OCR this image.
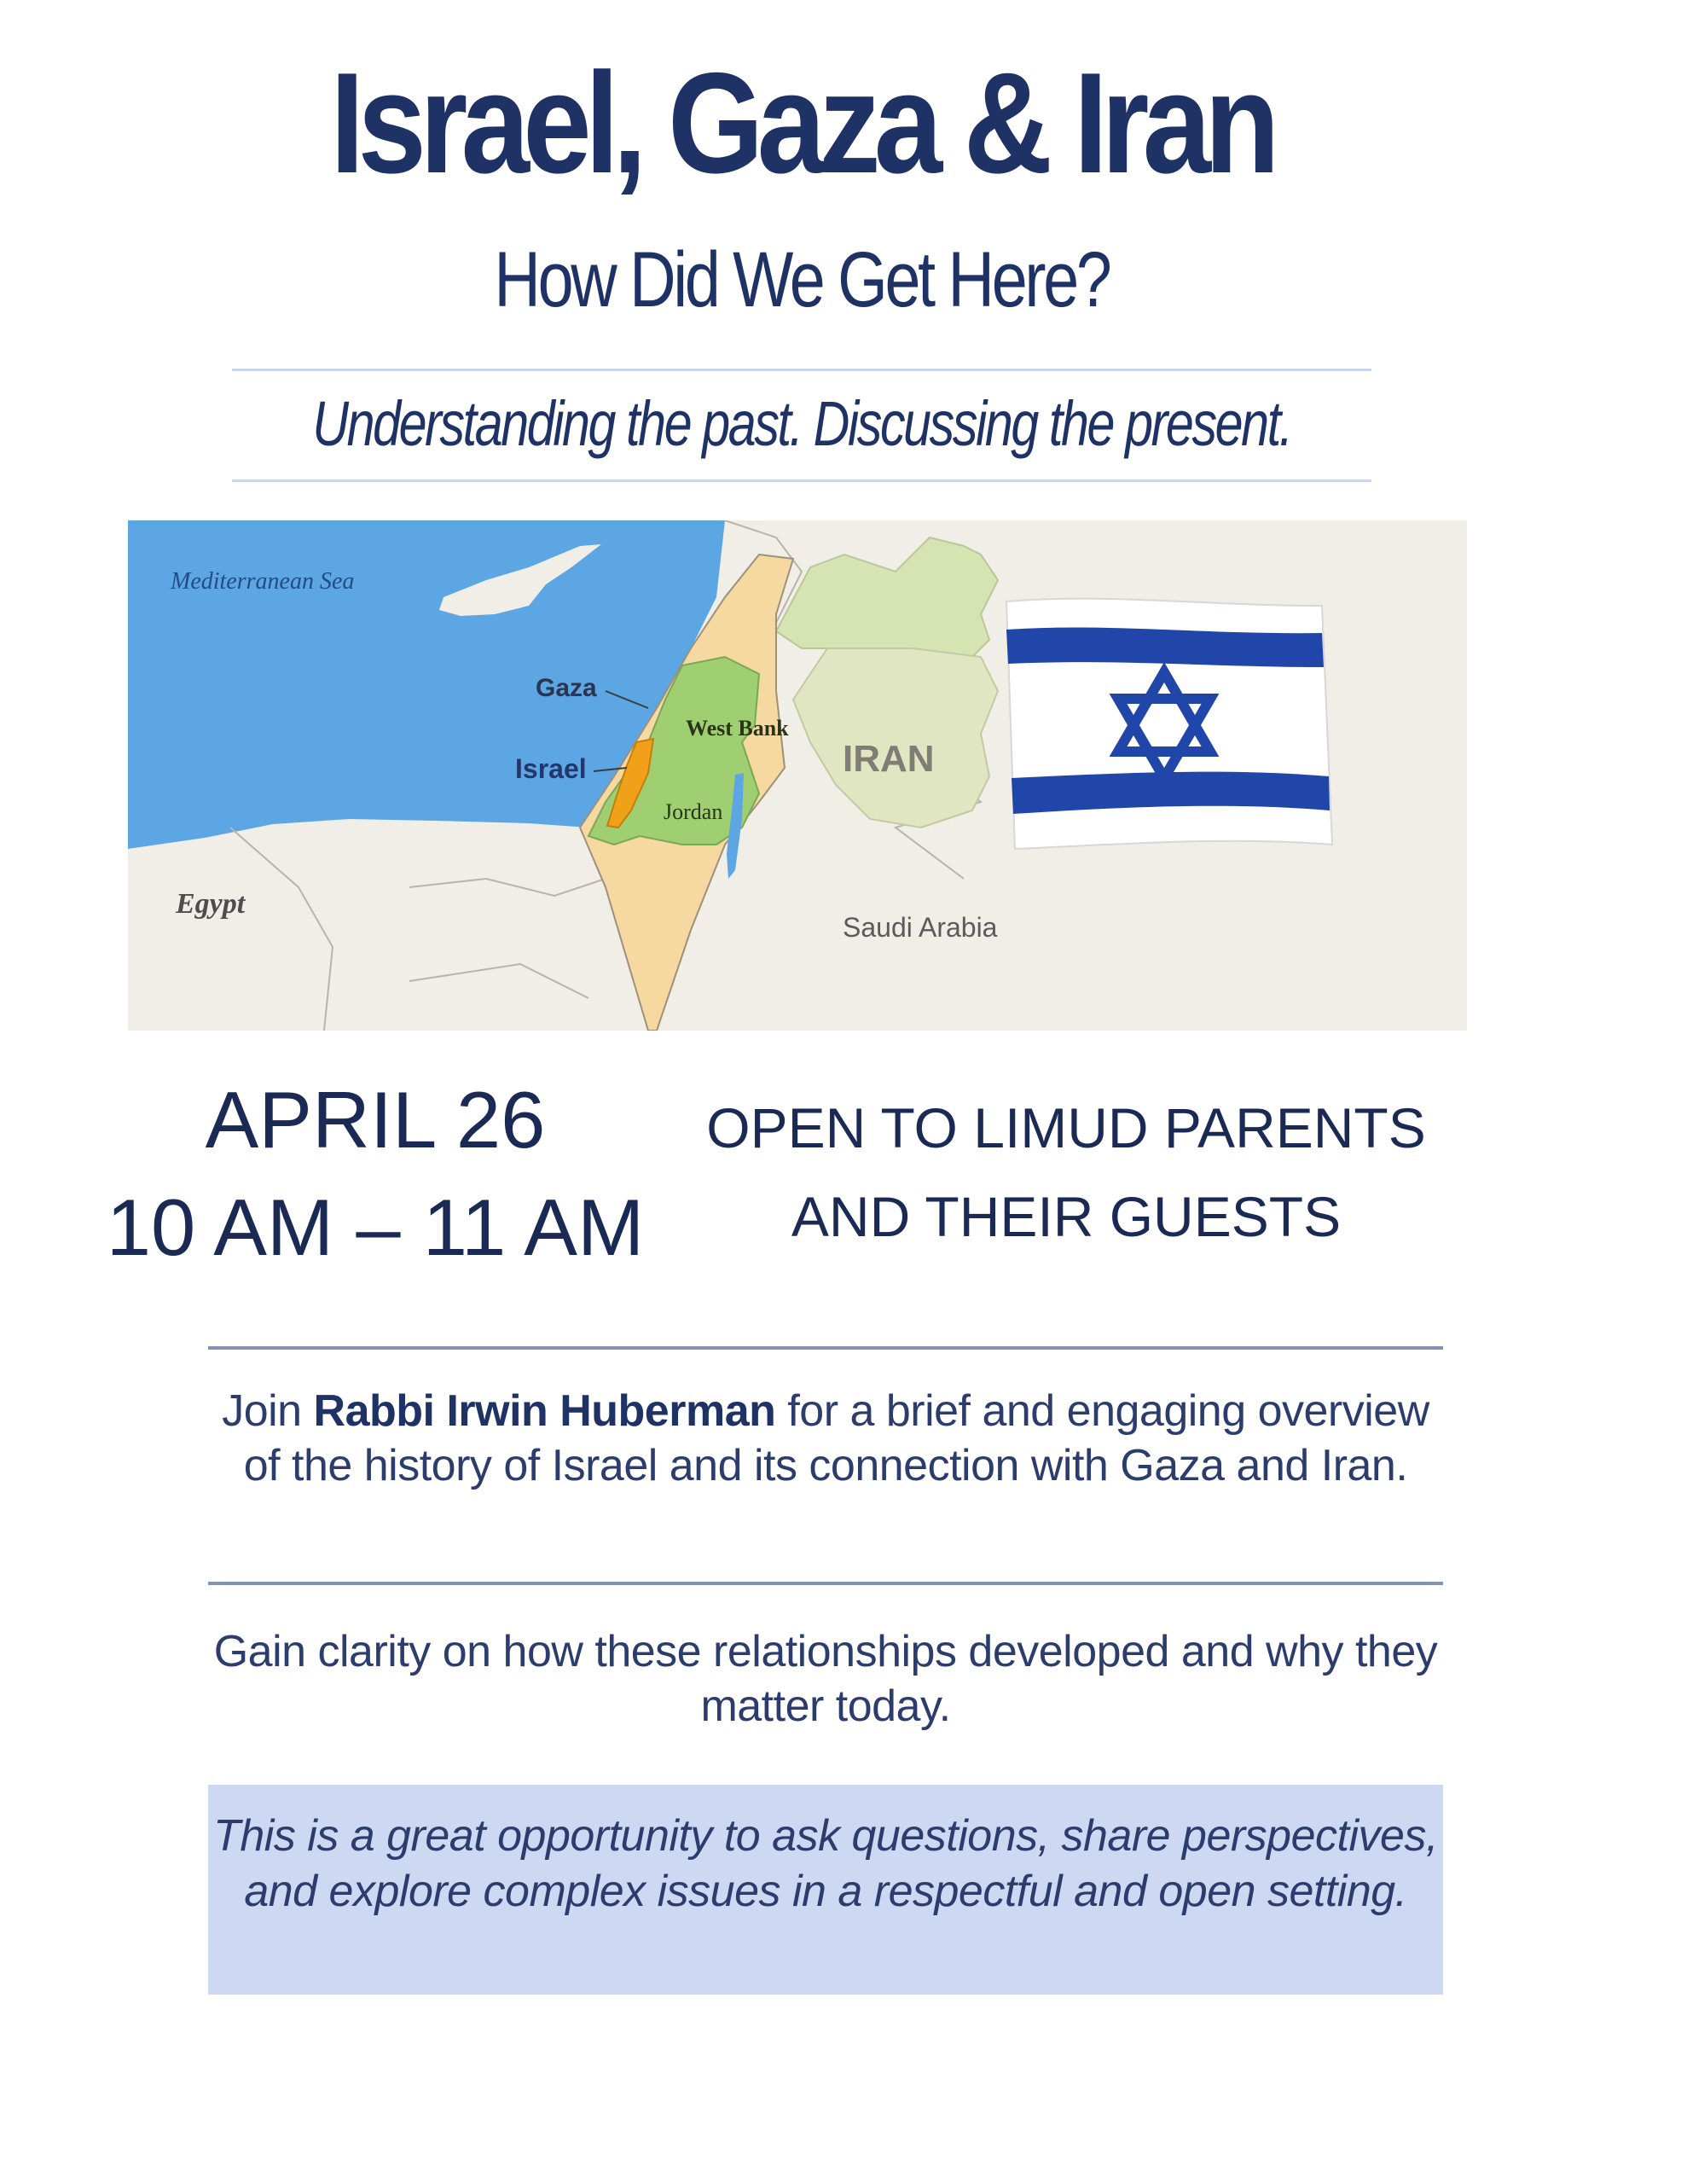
Israel, Gaza & Iran
How Did We Get Here?
Understanding the past. Discussing the present.
Mediterranean Sea
Gaza
Israel
West Bank
Jordan
IRAN
Egypt
Saudi Arabia
APRIL 26
10 AM – 11 AM
OPEN TO LIMUD PARENTS
AND THEIR GUESTS
Join Rabbi Irwin Huberman for a brief and engaging overview of the history of Israel and its connection with Gaza and Iran.
Gain clarity on how these relationships developed and why they matter today.

This is a great opportunity to ask questions, share perspectives, and explore complex issues in a respectful and open setting.
